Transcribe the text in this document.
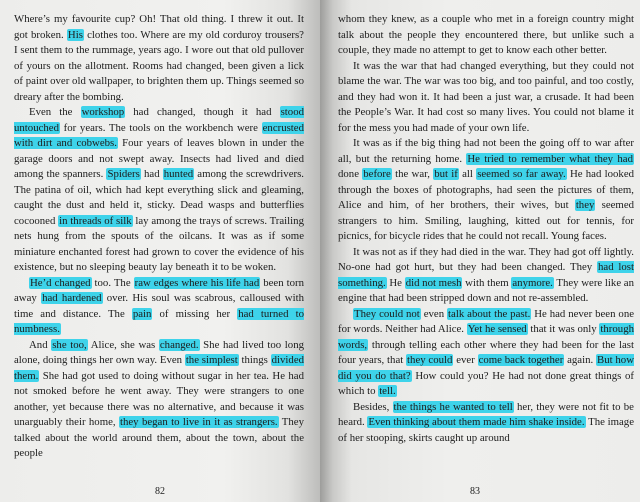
Where’s my favourite cup? Oh! That old thing. I threw it out. It got broken. His clothes too. Where are my old corduroy trousers? I sent them to the rummage, years ago. I wore out that old pullover of yours on the allotment. Rooms had changed, been given a lick of paint over old wallpaper, to brighten them up. Things seemed so dreary after the bombing.

Even the workshop had changed, though it had stood untouched for years. The tools on the workbench were encrusted with dirt and cobwebs. Four years of leaves blown in under the garage doors and not swept away. Insects had lived and died among the spanners. Spiders had hunted among the screwdrivers. The patina of oil, which had kept everything slick and gleaming, caught the dust and held it, sticky. Dead wasps and butterflies cocooned in threads of silk lay among the trays of screws. Trailing nets hung from the spouts of the oilcans. It was as if some miniature enchanted forest had grown to cover the evidence of his existence, but no sleeping beauty lay beneath it to be woken.

He’d changed too. The raw edges where his life had been torn away had hardened over. His soul was scabrous, calloused with time and distance. The pain of missing her had turned to numbness.

And she too, Alice, she was changed. She had lived too long alone, doing things her own way. Even the simplest things divided them. She had got used to doing without sugar in her tea. He had not smoked before he went away. They were strangers to one another, yet because there was no alternative, and because it was unarguably their home, they began to live in it as strangers. They talked about the world around them, about the town, about the people

82

whom they knew, as a couple who met in a foreign country might talk about the people they encountered there, but unlike such a couple, they made no attempt to get to know each other better.

It was the war that had changed everything, but they could not blame the war. The war was too big, and too painful, and too costly, and they had won it. It had been a just war, a crusade. It had been the People’s War. It had cost so many lives. You could not blame it for the mess you had made of your own life.

It was as if the big thing had not been the going off to war after all, but the returning home. He tried to remember what they had done before the war, but if all seemed so far away. He had looked through the boxes of photographs, had seen the pictures of them, Alice and him, of her brothers, their wives, but they seemed strangers to him. Smiling, laughing, kitted out for tennis, for picnics, for bicycle rides that he could not recall. Young faces.

It was not as if they had died in the war. They had got off lightly. No-one had got hurt, but they had been changed. They had lost something. He did not mesh with them anymore. They were like an engine that had been stripped down and not re-assembled.

They could not even talk about the past. He had never been one for words. Neither had Alice. Yet he sensed that it was only through words, through telling each other where they had been for the last four years, that they could ever come back together again. But how did you do that? How could you? He had not done great things of which to tell.

Besides, the things he wanted to tell her, they were not fit to be heard. Even thinking about them made him shake inside. The image of her stooping, skirts caught up around

83
